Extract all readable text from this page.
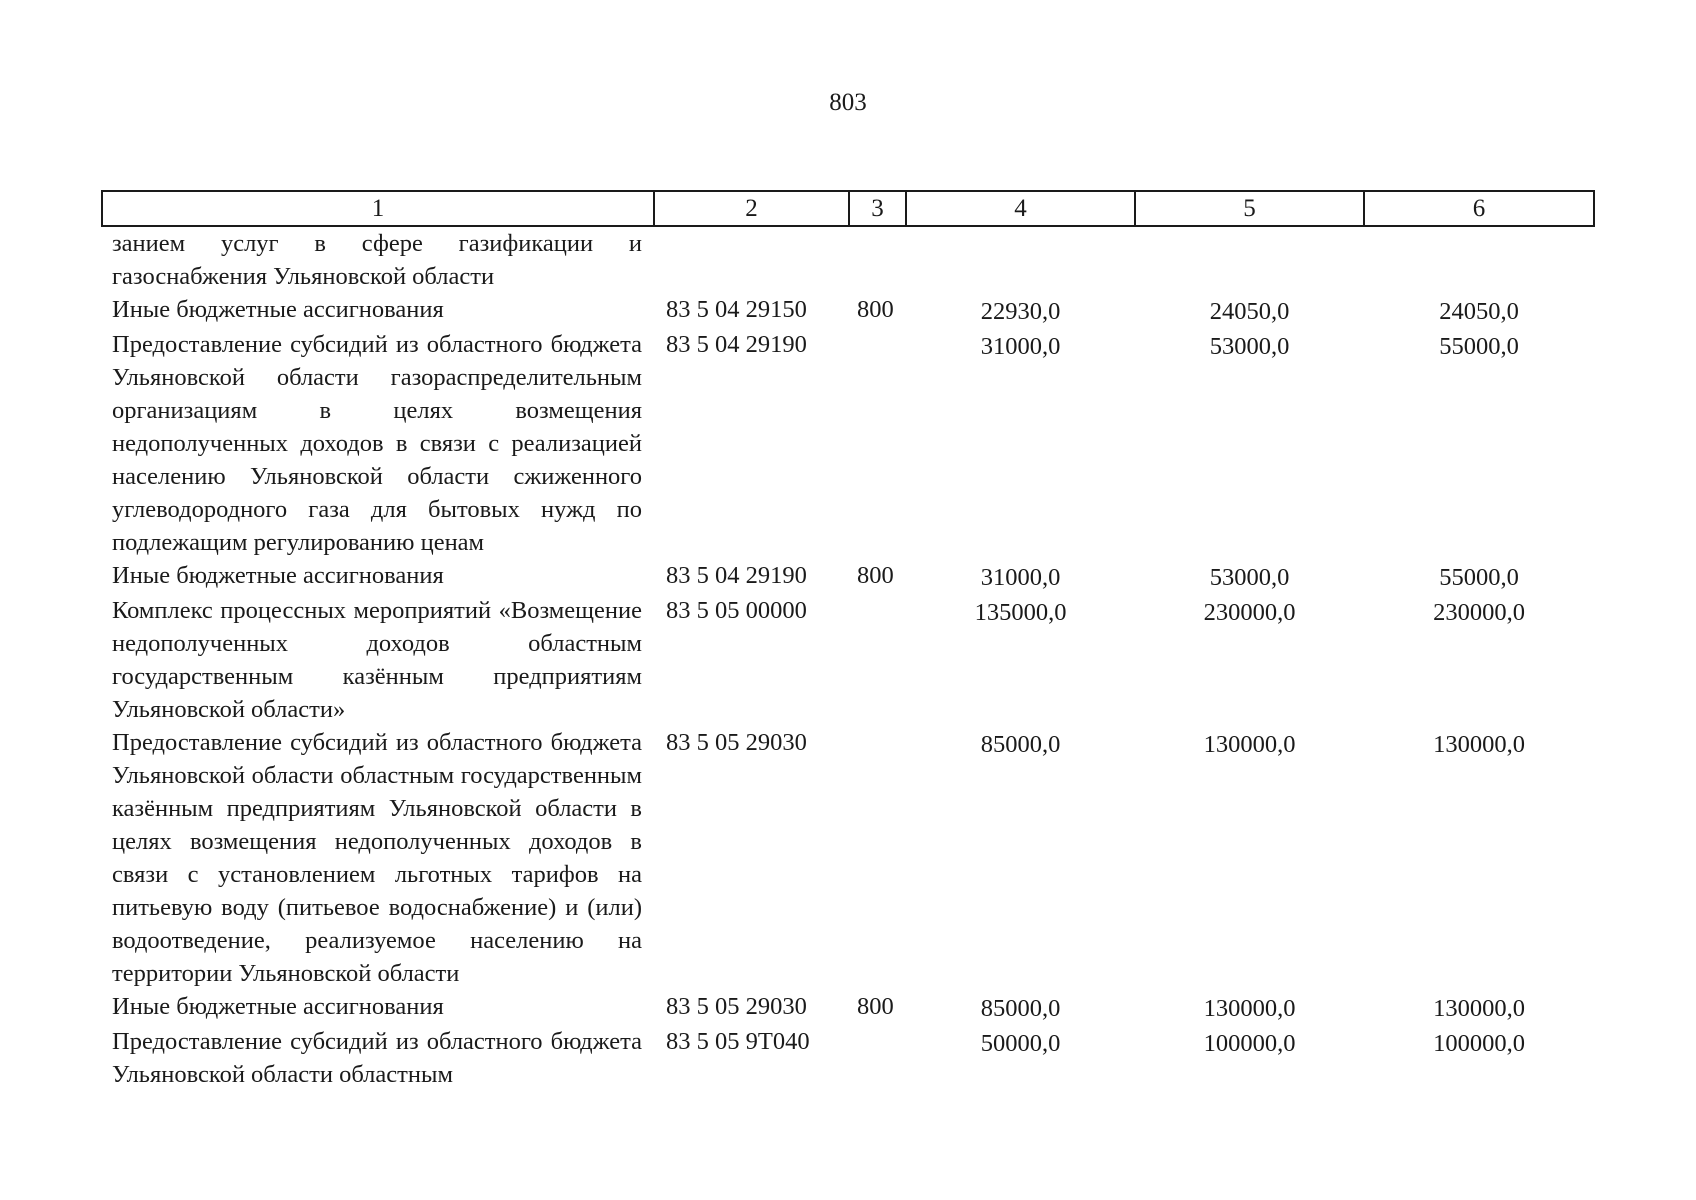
803
1	2	3	4	5	6
занием услуг в сфере газификации и газоснабжения Ульяновской области					
Иные бюджетные ассигнования	83 5 04 29150	800	22930,0	24050,0	24050,0
Предоставление субсидий из областного бюджета Ульяновской области газораспределительным организациям в целях возмещения недополученных доходов в связи с реализацией населению Ульяновской области сжиженного углеводородного газа для бытовых нужд по подлежащим регулированию ценам	83 5 04 29190		31000,0	53000,0	55000,0
Иные бюджетные ассигнования	83 5 04 29190	800	31000,0	53000,0	55000,0
Комплекс процессных мероприятий «Возмещение недополученных доходов областным государственным казённым предприятиям Ульяновской области»	83 5 05 00000		135000,0	230000,0	230000,0
Предоставление субсидий из областного бюджета Ульяновской области областным государственным казённым предприятиям Ульяновской области в целях возмещения недополученных доходов в связи с установлением льготных тарифов на питьевую воду (питьевое водоснабжение) и (или) водоотведение, реализуемое населению на территории Ульяновской области	83 5 05 29030		85000,0	130000,0	130000,0
Иные бюджетные ассигнования	83 5 05 29030	800	85000,0	130000,0	130000,0
Предоставление субсидий из областного бюджета Ульяновской области областным	83 5 05 9Т040		50000,0	100000,0	100000,0
